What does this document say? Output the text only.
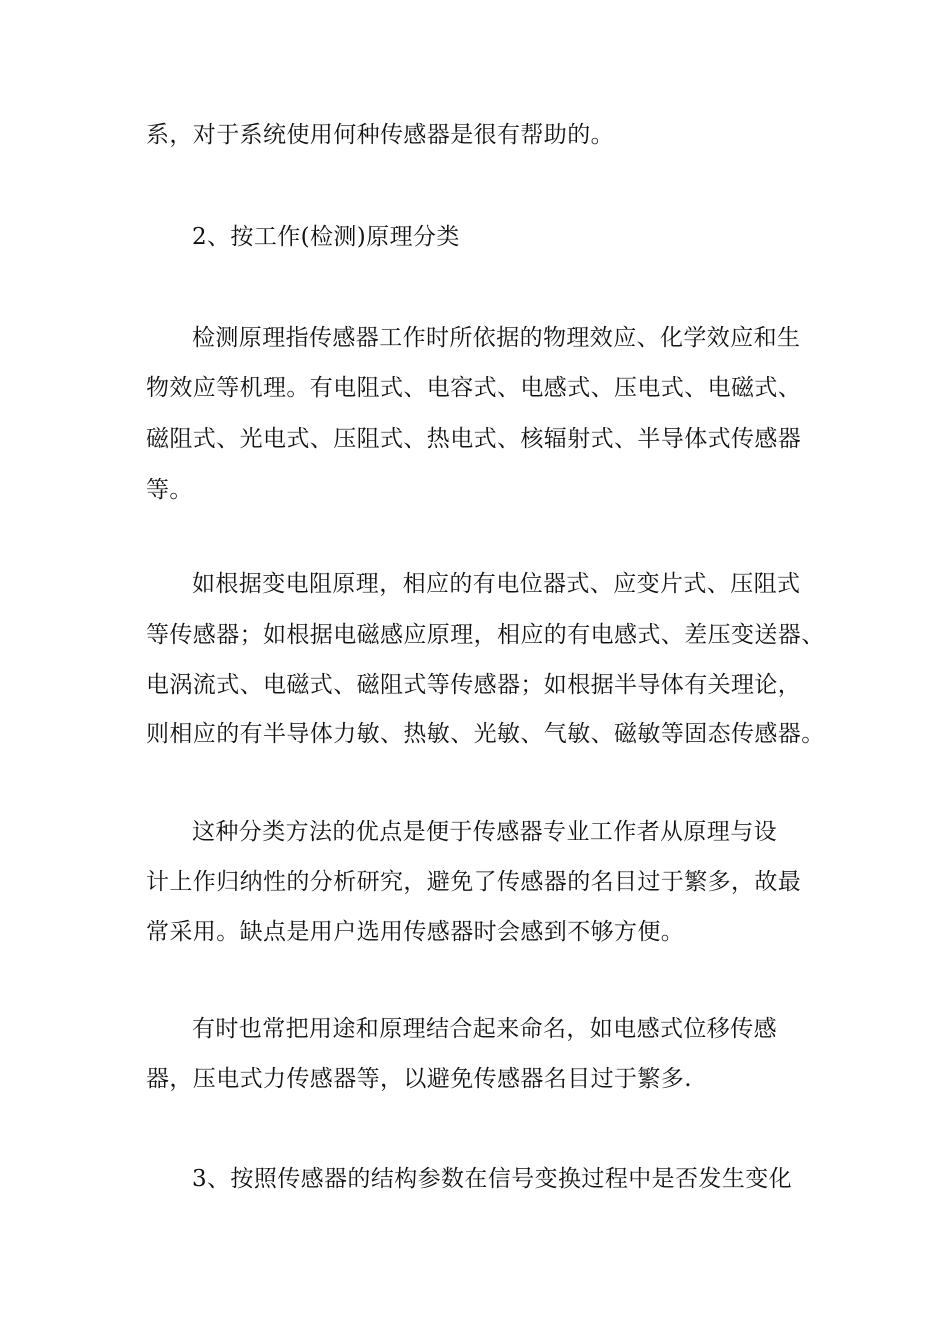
系，对于系统使用何种传感器是很有帮助的。
2、按工作(检测)原理分类
检测原理指传感器工作时所依据的物理效应、化学效应和生
物效应等机理。有电阻式、电容式、电感式、压电式、电磁式、
磁阻式、光电式、压阻式、热电式、核辐射式、半导体式传感器
等。
如根据变电阻原理，相应的有电位器式、应变片式、压阻式
等传感器；如根据电磁感应原理，相应的有电感式、差压变送器、
电涡流式、电磁式、磁阻式等传感器；如根据半导体有关理论，
则相应的有半导体力敏、热敏、光敏、气敏、磁敏等固态传感器。
这种分类方法的优点是便于传感器专业工作者从原理与设
计上作归纳性的分析研究，避免了传感器的名目过于繁多，故最
常采用。缺点是用户选用传感器时会感到不够方便。
有时也常把用途和原理结合起来命名，如电感式位移传感
器，压电式力传感器等，以避免传感器名目过于繁多.
3、按照传感器的结构参数在信号变换过程中是否发生变化
